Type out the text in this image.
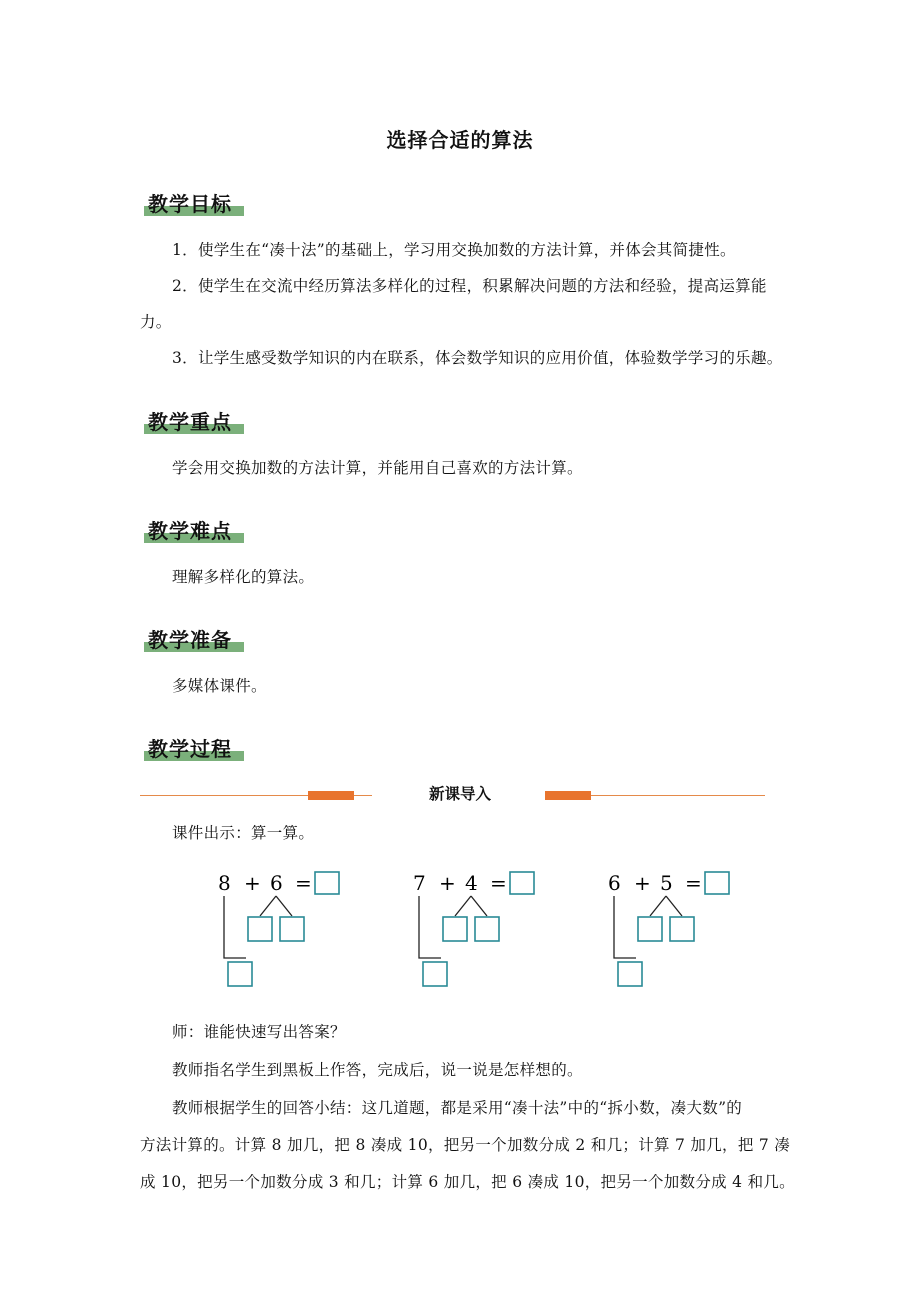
选择合适的算法
教学目标
1．使学生在“凑十法”的基础上，学习用交换加数的方法计算，并体会其简捷性。
2．使学生在交流中经历算法多样化的过程，积累解决问题的方法和经验，提高运算能
力。
3．让学生感受数学知识的内在联系，体会数学知识的应用价值，体验数学学习的乐趣。
教学重点
学会用交换加数的方法计算，并能用自己喜欢的方法计算。
教学难点
理解多样化的算法。
教学准备
多媒体课件。
教学过程
新课导入
课件出示：算一算。
8 + 6 =	7 + 4 =	6 + 5 =
师：谁能快速写出答案？
教师指名学生到黑板上作答，完成后，说一说是怎样想的。
教师根据学生的回答小结：这几道题，都是采用“凑十法”中的“拆小数，凑大数”的
方法计算的。计算 8 加几，把 8 凑成 10，把另一个加数分成 2 和几；计算 7 加几，把 7 凑
成 10，把另一个加数分成 3 和几；计算 6 加几，把 6 凑成 10，把另一个加数分成 4 和几。
